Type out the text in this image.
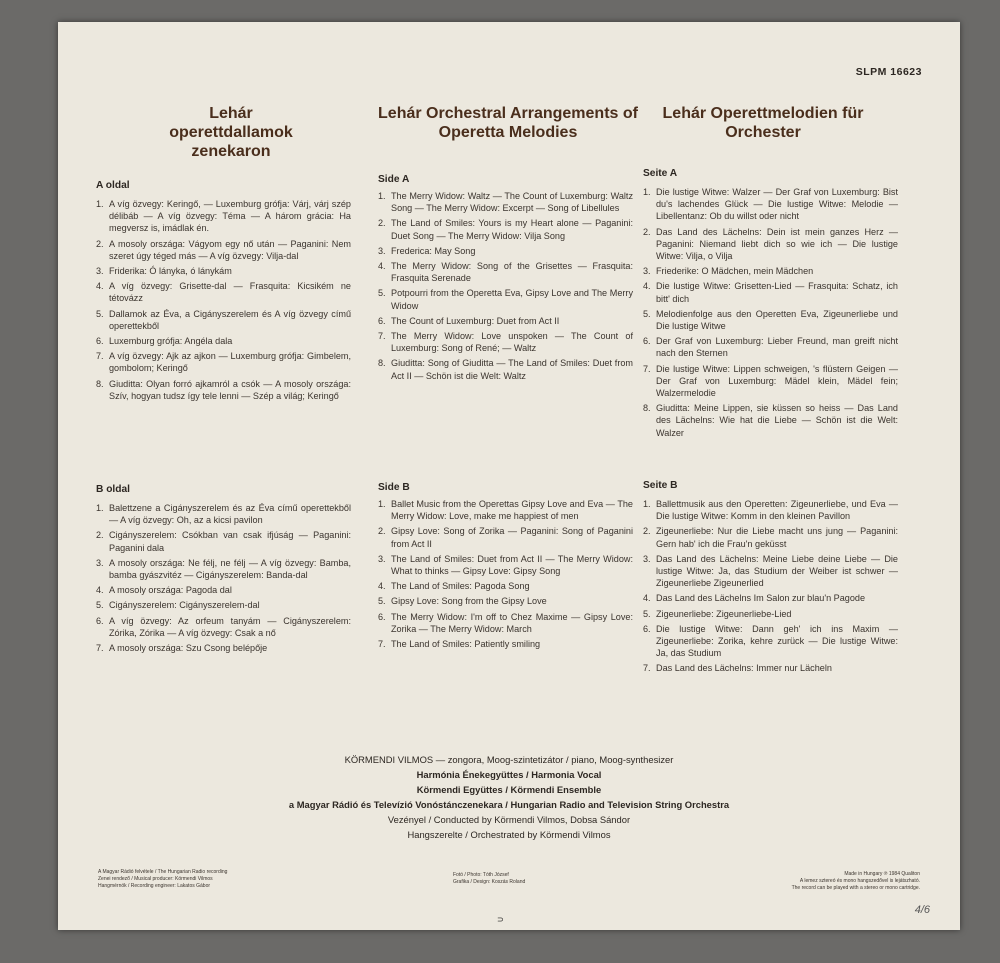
SLPM 16623
Lehár operettdallamok zenekaron
A oldal
1. A víg özvegy: Keringő, — Luxemburg grófja: Várj, várj szép délibáb — A víg özvegy: Téma — A három grácia: Ha megversz is, imádlak én.
2. A mosoly országa: Vágyom egy nő után — Paganini: Nem szeret úgy téged más — A víg özvegy: Vilja-dal
3. Friderika: Ó lányka, ó lánykám
4. A víg özvegy: Grisette-dal — Frasquita: Kicsikém ne tétovázz
5. Dallamok az Éva, a Cigányszerelem és A víg özvegy című operettekből
6. Luxemburg grófja: Angéla dala
7. A víg özvegy: Ajk az ajkon — Luxemburg grófja: Gimbelem, gombolom; Keringő
8. Giuditta: Olyan forró ajkamról a csók — A mosoly országa: Szív, hogyan tudsz így tele lenni — Szép a világ; Keringő
B oldal
1. Balettzene a Cigányszerelem és az Éva című operettekből — A víg özvegy: Oh, az a kicsi pavilon
2. Cigányszerelem: Csókban van csak ifjúság — Paganini: Paganini dala
3. A mosoly országa: Ne félj, ne félj — A víg özvegy: Bamba, bamba gyászvitéz — Cigányszerelem: Banda-dal
4. A mosoly országa: Pagoda dal
5. Cigányszerelem: Cigányszerelem-dal
6. A víg özvegy: Az orfeum tanyám — Cigányszerelem: Zórika, Zórika — A víg özvegy: Csak a nő
7. A mosoly országa: Szu Csong belépője
Lehár Orchestral Arrangements of Operetta Melodies
Side A
1. The Merry Widow: Waltz — The Count of Luxemburg: Waltz Song — The Merry Widow: Excerpt — Song of Libellules
2. The Land of Smiles: Yours is my Heart alone — Paganini: Duet Song — The Merry Widow: Vilja Song
3. Frederica: May Song
4. The Merry Widow: Song of the Grisettes — Frasquita: Frasquita Serenade
5. Potpourri from the Operetta Eva, Gipsy Love and The Merry Widow
6. The Count of Luxemburg: Duet from Act II
7. The Merry Widow: Love unspoken — The Count of Luxemburg: Song of René; — Waltz
8. Giuditta: Song of Giuditta — The Land of Smiles: Duet from Act II — Schön ist die Welt: Waltz
Side B
1. Ballet Music from the Operettas Gipsy Love and Eva — The Merry Widow: Love, make me happiest of men
2. Gipsy Love: Song of Zorika — Paganini: Song of Paganini from Act II
3. The Land of Smiles: Duet from Act II — The Merry Widow: What to thinks — Gipsy Love: Gipsy Song
4. The Land of Smiles: Pagoda Song
5. Gipsy Love: Song from the Gipsy Love
6. The Merry Widow: I'm off to Chez Maxime — Gipsy Love: Zorika — The Merry Widow: March
7. The Land of Smiles: Patiently smiling
Lehár Operettmelodien für Orchester
Seite A
1. Die lustige Witwe: Walzer — Der Graf von Luxemburg: Bist du's lachendes Glück — Die lustige Witwe: Melodie — Libellentanz: Ob du willst oder nicht
2. Das Land des Lächelns: Dein ist mein ganzes Herz — Paganini: Niemand liebt dich so wie ich — Die lustige Witwe: Vilja, o Vilja
3. Friederike: O Mädchen, mein Mädchen
4. Die lustige Witwe: Grisetten-Lied — Frasquita: Schatz, ich bitt' dich
5. Melodienfolge aus den Operetten Eva, Zigeunerliebe und Die lustige Witwe
6. Der Graf von Luxemburg: Lieber Freund, man greift nicht nach den Sternen
7. Die lustige Witwe: Lippen schweigen, 's flüstern Geigen — Der Graf von Luxemburg: Mädel klein, Mädel fein; Walzermelodie
8. Giuditta: Meine Lippen, sie küssen so heiss — Das Land des Lächelns: Wie hat die Liebe — Schön ist die Welt: Walzer
Seite B
1. Ballettmusik aus den Operetten: Zigeunerliebe, und Eva — Die lustige Witwe: Komm in den kleinen Pavillon
2. Zigeunerliebe: Nur die Liebe macht uns jung — Paganini: Gern hab' ich die Frau'n geküsst
3. Das Land des Lächelns: Meine Liebe deine Liebe — Die lustige Witwe: Ja, das Studium der Weiber ist schwer — Zigeunerliebe Zigeunerlied
4. Das Land des Lächelns Im Salon zur blau'n Pagode
5. Zigeunerliebe: Zigeunerliebe-Lied
6. Die lustige Witwe: Dann geh' ich ins Maxim — Zigeunerliebe: Zorika, kehre zurück — Die lustige Witwe: Ja, das Studium
7. Das Land des Lächelns: Immer nur Lächeln
KÖRMENDI VILMOS — zongora, Moog-szintetizátor / piano, Moog-synthesizer
Harmónia Énekegyüttes / Harmonia Vocal
Körmendi Együttes / Körmendi Ensemble
a Magyar Rádió és Televízió Vonóstánczenekara / Hungarian Radio and Television String Orchestra
Vezényel / Conducted by Körmendi Vilmos, Dobsa Sándor
Hangszerelte / Orchestrated by Körmendi Vilmos
A Magyar Rádió felvétele / The Hungarian Radio recording
Zenei rendező / Musical producer: Körmendi Vilmos
Hangmérnök / Recording engineer: Lakatos Gábor
Fotó / Photo: Tóth József
Grafika / Design: Koszás Roland
Made in Hungary ℗ 1984 Qualiton
A lemez sztereó és mono hangszedővel is lejátszható.
The record can be played with a stereo or mono cartridge.
⊃
4/6
